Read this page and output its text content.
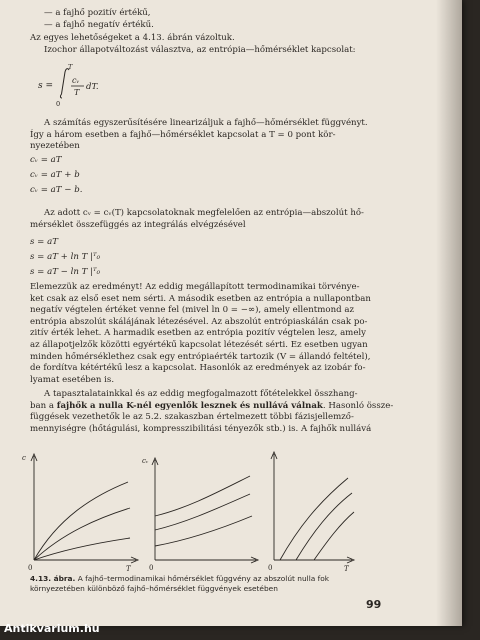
— a fajhő pozitív értékű,
— a fajhő negatív értékű.
Az egyes lehetőségeket a 4.13. ábrán vázoltuk.
Izochor állapotváltozást választva, az entrópia—hőmérséklet kapcsolat:
s =
T
0
cᵥ
T
dT.
A számítás egyszerűsítésére linearizáljuk a fajhő—hőmérséklet függvényt.
Így a három esetben a fajhő—hőmérséklet kapcsolat a T = 0 pont kör-
nyezetében
cᵥ = aT
cᵥ = aT + b
cᵥ = aT − b.
Az adott cᵥ = cᵥ(T) kapcsolatoknak megfelelően az entrópia—abszolút hő-
mérséklet összefüggés az integrálás elvégzésével
s = aT
s = aT + ln T |ᵀ₀
s = aT − ln T |ᵀ₀
Elemezzük az eredményt! Az eddig megállapított termodinamikai törvénye-
ket csak az első eset nem sérti. A második esetben az entrópia a nullapontban
negatív végtelen értéket venne fel (mivel ln 0 = −∞), amely ellentmond az
entrópia abszolút skálájának létezésével. Az abszolút entrópiaskálán csak po-
zitív érték lehet. A harmadik esetben az entrópia pozitív végtelen lesz, amely
az állapotjelzők közötti egyértékű kapcsolat létezését sérti. Ez esetben ugyan
minden hőmérséklethez csak egy entrópiaérték tartozik (V = állandó feltétel),
de fordítva kétértékű lesz a kapcsolat. Hasonlók az eredmények az izobár fo-
lyamat esetében is.
A tapasztalatainkkal és az eddig megfogalmazott főtételekkel összhang-
ban a fajhők a nulla K-nél egyenlők lesznek és nullává válnak. Hasonló össze-
függések vezethetők le az 5.2. szakaszban értelmezett többi fázisjellemző-
mennyiségre (hőtágulási, kompresszibilitási tényezők stb.) is. A fajhők nullává
c
0	T
cᵥ
0	0	T
4.13. ábra. A fajhő–termodinamikai hőmérséklet függvény az abszolút nulla fok
környezetében különböző fajhő–hőmérséklet függvények esetében
99
Antikvarium.hu
